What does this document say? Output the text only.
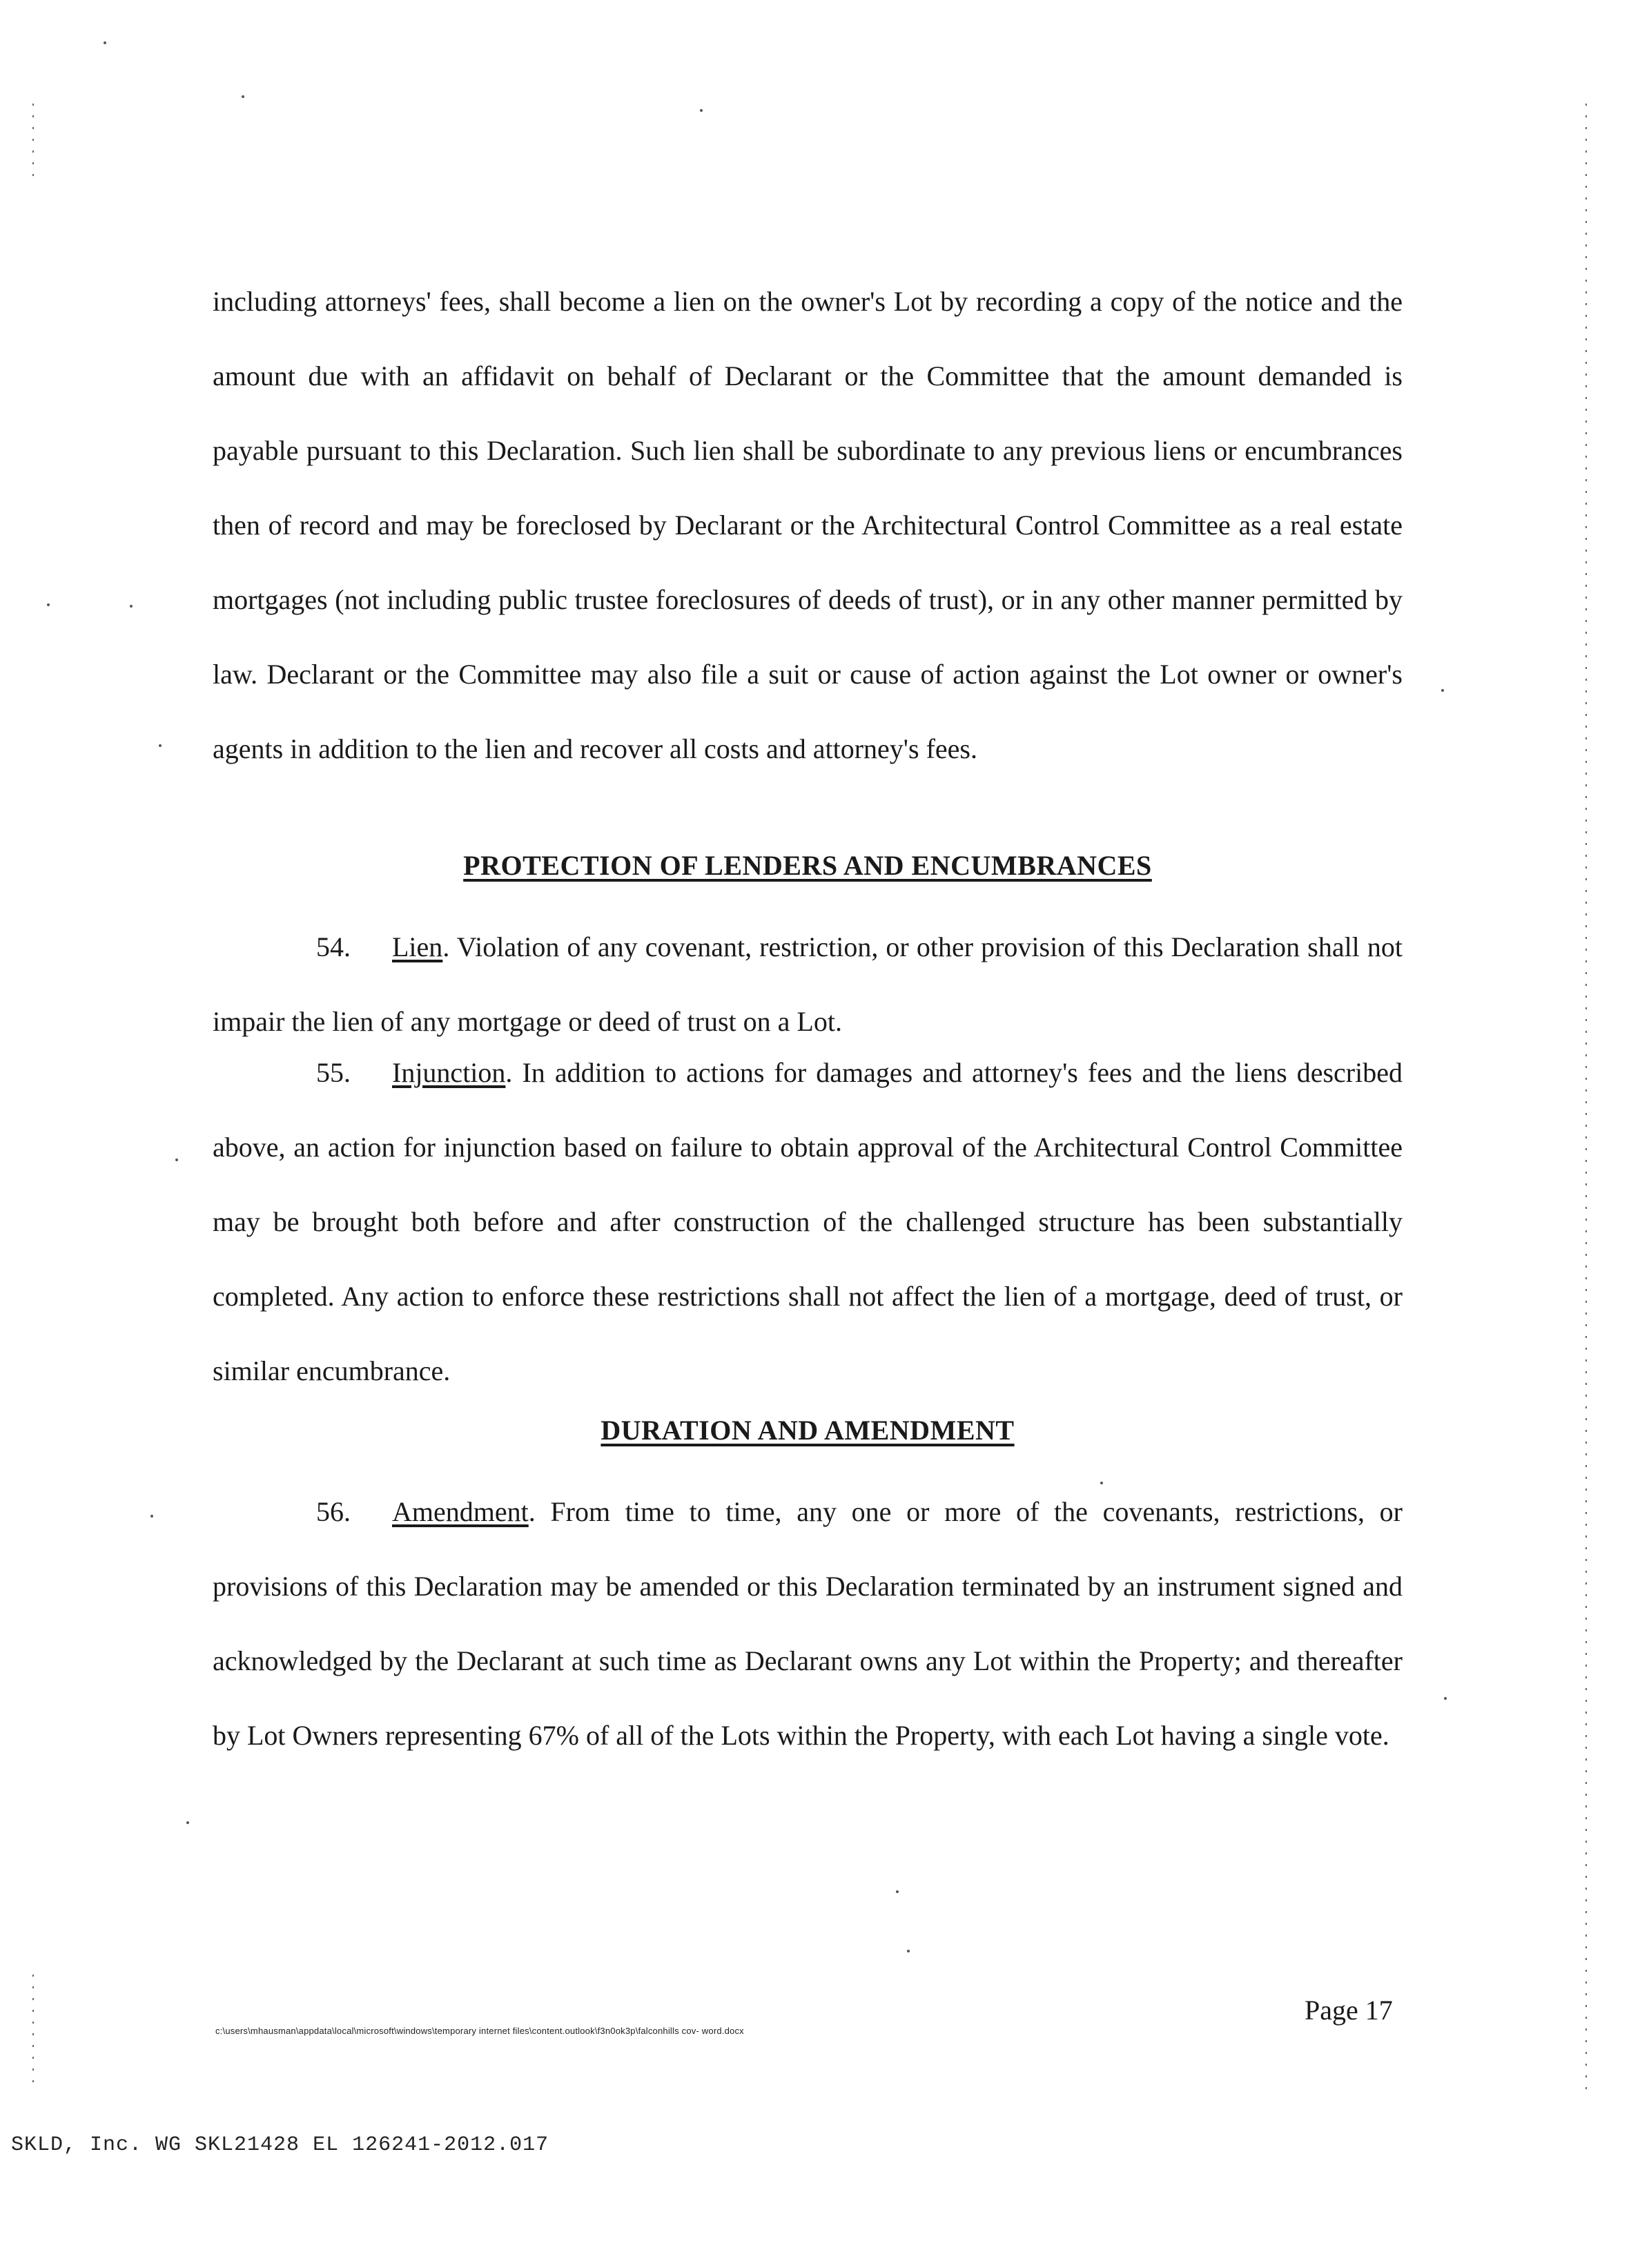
including attorneys' fees, shall become a lien on the owner's Lot by recording a copy of the notice and the amount due with an affidavit on behalf of Declarant or the Committee that the amount demanded is payable pursuant to this Declaration. Such lien shall be subordinate to any previous liens or encumbrances then of record and may be foreclosed by Declarant or the Architectural Control Committee as a real estate mortgages (not including public trustee foreclosures of deeds of trust), or in any other manner permitted by law. Declarant or the Committee may also file a suit or cause of action against the Lot owner or owner's agents in addition to the lien and recover all costs and attorney's fees.
PROTECTION OF LENDERS AND ENCUMBRANCES
54. Lien. Violation of any covenant, restriction, or other provision of this Declaration shall not impair the lien of any mortgage or deed of trust on a Lot.
55. Injunction. In addition to actions for damages and attorney's fees and the liens described above, an action for injunction based on failure to obtain approval of the Architectural Control Committee may be brought both before and after construction of the challenged structure has been substantially completed. Any action to enforce these restrictions shall not affect the lien of a mortgage, deed of trust, or similar encumbrance.
DURATION AND AMENDMENT
56. Amendment. From time to time, any one or more of the covenants, restrictions, or provisions of this Declaration may be amended or this Declaration terminated by an instrument signed and acknowledged by the Declarant at such time as Declarant owns any Lot within the Property; and thereafter by Lot Owners representing 67% of all of the Lots within the Property, with each Lot having a single vote.
Page 17
c:\users\mhausman\appdata\local\microsoft\windows\temporary internet files\content.outlook\f3n0ok3p\falconhills cov- word.docx
SKLD, Inc. WG SKL21428 EL 126241-2012.017
